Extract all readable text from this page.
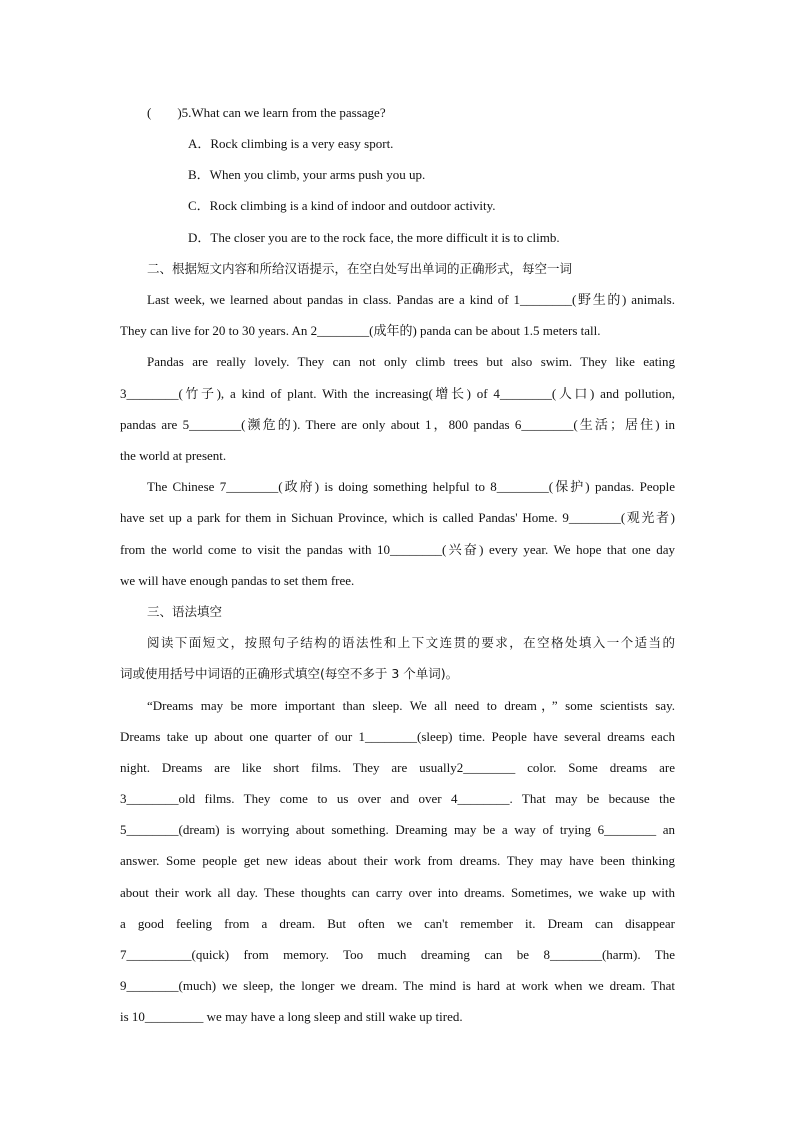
(　　)5.What can we learn from the passage?
A．Rock climbing is a very easy sport.
B．When you climb, your arms push you up.
C．Rock climbing is a kind of indoor and outdoor activity.
D．The closer you are to the rock face, the more difficult it is to climb.
二、根据短文内容和所给汉语提示，在空白处写出单词的正确形式，每空一词
Last week, we learned about pandas in class. Pandas are a kind of 1________(野生的) animals.
They can live for 20 to 30 years. An 2________(成年的) panda can be about 1.5 meters tall.
Pandas are really lovely. They can not only climb trees but also swim. They like eating
3________(竹子), a kind of plant. With the increasing(增长) of 4________(人口) and pollution,
pandas are 5________(濒危的). There are only about 1，800 pandas 6________(生活；居住) in
the world at present.
The Chinese 7________(政府) is doing something helpful to 8________(保护) pandas. People
have set up a park for them in Sichuan Province, which is called Pandas' Home. 9________(观光者)
from the world come to visit the pandas with 10________(兴奋) every year. We hope that one day
we will have enough pandas to set them free.
三、语法填空
阅读下面短文，按照句子结构的语法性和上下文连贯的要求，在空格处填入一个适当的
词或使用括号中词语的正确形式填空(每空不多于 3 个单词)。
“Dreams may be more important than sleep. We all need to dream，” some scientists say.
Dreams take up about one quarter of our 1________(sleep) time. People have several dreams each
night. Dreams are like short films. They are usually2________ color. Some dreams are
3________old films. They come to us over and over 4________. That may be because the
5________(dream) is worrying about something. Dreaming may be a way of trying 6________ an
answer. Some people get new ideas about their work from dreams. They may have been thinking
about their work all day. These thoughts can carry over into dreams. Sometimes, we wake up with
a good feeling from a dream. But often we can't remember it. Dream can disappear
7__________(quick) from memory. Too much dreaming can be 8________(harm). The
9________(much) we sleep, the longer we dream. The mind is hard at work when we dream. That
is 10_________ we may have a long sleep and still wake up tired.
